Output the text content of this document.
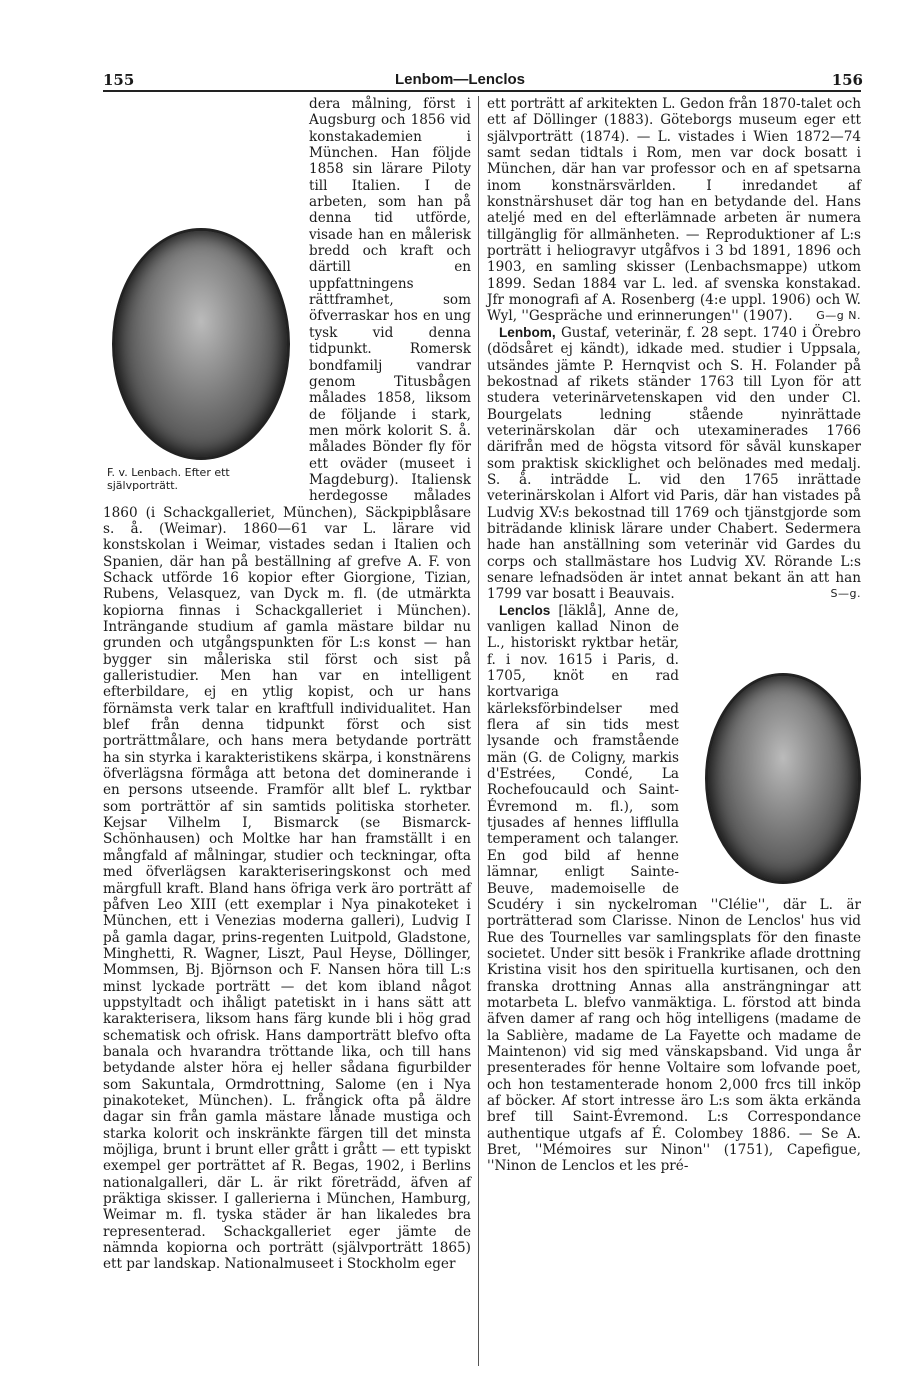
155	Lenbom—Lenclos	156
F. v. Lenbach. Efter ett självporträtt.

dera målning, först i Augsburg och 1856 vid konstakademien i München. Han följde 1858 sin lärare Piloty till Italien. I de arbeten, som han på denna tid utförde, visade han en målerisk bredd och kraft och därtill en uppfattningens rättframhet, som öfverraskar hos en ung tysk vid denna tidpunkt. Romersk bondfamilj vandrar genom Titusbågen målades 1858, liksom de följande i stark, men mörk kolorit S. å. målades Bönder fly för ett oväder (museet i Magdeburg). Italiensk herdegosse målades 1860 (i Schackgalleriet, München), Säckpipblåsare s. å. (Weimar). 1860—61 var L. lärare vid konstskolan i Weimar, vistades sedan i Italien och Spanien, där han på beställning af grefve A. F. von Schack utförde 16 kopior efter Giorgione, Tizian, Rubens, Velasquez, van Dyck m. fl. (de utmärkta kopiorna finnas i Schackgalleriet i München). Inträngande studium af gamla mästare bildar nu grunden och utgångspunkten för L:s konst — han bygger sin måleriska stil först och sist på galleristudier. Men han var en intelligent efterbildare, ej en ytlig kopist, och ur hans förnämsta verk talar en kraftfull individualitet. Han blef från denna tidpunkt först och sist porträttmålare, och hans mera betydande porträtt ha sin styrka i karakteristikens skärpa, i konstnärens öfverlägsna förmåga att betona det dominerande i en persons utseende. Framför allt blef L. ryktbar som porträttör af sin samtids politiska storheter. Kejsar Vilhelm I, Bismarck (se Bismarck-Schönhausen) och Moltke har han framställt i en mångfald af målningar, studier och teckningar, ofta med öfverlägsen karakteriseringskonst och med märgfull kraft. Bland hans öfriga verk äro porträtt af påfven Leo XIII (ett exemplar i Nya pinakoteket i München, ett i Venezias moderna galleri), Ludvig I på gamla dagar, prins-regenten Luitpold, Gladstone, Minghetti, R. Wagner, Liszt, Paul Heyse, Döllinger, Mommsen, Bj. Björnson och F. Nansen höra till L:s minst lyckade porträtt — det kom ibland något uppstyltadt och ihåligt patetiskt in i hans sätt att karakterisera, liksom hans färg kunde bli i hög grad schematisk och ofrisk. Hans damporträtt blefvo ofta banala och hvarandra tröttande lika, och till hans betydande alster höra ej heller sådana figurbilder som Sakuntala, Ormdrottning, Salome (en i Nya pinakoteket, München). L. frångick ofta på äldre dagar sin från gamla mästare lånade mustiga och starka kolorit och inskränkte färgen till det minsta möjliga, brunt i brunt eller grått i grått — ett typiskt exempel ger porträttet af R. Begas, 1902, i Berlins nationalgalleri, där L. är rikt företrädd, äfven af präktiga skisser. I gallerierna i München, Hamburg, Weimar m. fl. tyska städer är han likaledes bra representerad. Schackgalleriet eger jämte de nämnda kopiorna och porträtt (självporträtt 1865) ett par landskap. Nationalmuseet i Stockholm eger

ett porträtt af arkitekten L. Gedon från 1870-talet och ett af Döllinger (1883). Göteborgs museum eger ett självporträtt (1874). — L. vistades i Wien 1872—74 samt sedan tidtals i Rom, men var dock bosatt i München, där han var professor och en af spetsarna inom konstnärsvärlden. I inredandet af konstnärshuset där tog han en betydande del. Hans ateljé med en del efterlämnade arbeten är numera tillgänglig för allmänheten. — Reproduktioner af L:s porträtt i heliogravyr utgåfvos i 3 bd 1891, 1896 och 1903, en samling skisser (Lenbachsmappe) utkom 1899. Sedan 1884 var L. led. af svenska konstakad. Jfr monografi af A. Rosenberg (4:e uppl. 1906) och W. Wyl, ''Gespräche und erinnerungen'' (1907). G—g N.

Lenbom, Gustaf, veterinär, f. 28 sept. 1740 i Örebro (dödsåret ej kändt), idkade med. studier i Uppsala, utsändes jämte P. Hernqvist och S. H. Folander på bekostnad af rikets ständer 1763 till Lyon för att studera veterinärvetenskapen vid den under Cl. Bourgelats ledning stående nyinrättade veterinärskolan där och utexaminerades 1766 därifrån med de högsta vitsord för såväl kunskaper som praktisk skicklighet och belönades med medalj. S. å. inträdde L. vid den 1765 inrättade veterinärskolan i Alfort vid Paris, där han vistades på Ludvig XV:s bekostnad till 1769 och tjänstgjorde som biträdande klinisk lärare under Chabert. Sedermera hade han anställning som veterinär vid Gardes du corps och stallmästare hos Ludvig XV. Rörande L:s senare lefnadsöden är intet annat bekant än att han 1799 var bosatt i Beauvais.	S—g.

Lenclos [läklå], Anne de, vanligen kallad Ninon de L., historiskt ryktbar hetär, f. i nov. 1615 i Paris, d. 1705, knöt en rad kortvariga kärleksförbindelser med flera af sin tids mest lysande och framstående män (G. de Coligny, markis d'Estrées, Condé, La Rochefoucauld och Saint-Évremond m. fl.), som tjusades af hennes lifflulla temperament och talanger. En god bild af henne lämnar, enligt Sainte-Beuve, mademoiselle de Scudéry i sin nyckelroman ''Clélie'', där L. är porträtterad som Clarisse. Ninon de Lenclos' hus vid Rue des Tournelles var samlingsplats för den finaste societet. Under sitt besök i Frankrike aflade drottning Kristina visit hos den spirituella kurtisanen, och den franska drottning Annas alla ansträngningar att motarbeta L. blefvo vanmäktiga. L. förstod att binda äfven damer af rang och hög intelligens (madame de la Sablière, madame de La Fayette och madame de Maintenon) vid sig med vänskapsband. Vid unga år presenterades för henne Voltaire som lofvande poet, och hon testamenterade honom 2,000 frcs till inköp af böcker. Af stort intresse äro L:s som äkta erkända bref till Saint-Évremond. L:s Correspondance authentique utgafs af É. Colombey 1886. — Se A. Bret, ''Mémoires sur Ninon'' (1751), Capefigue, ''Ninon de Lenclos et les pré-
